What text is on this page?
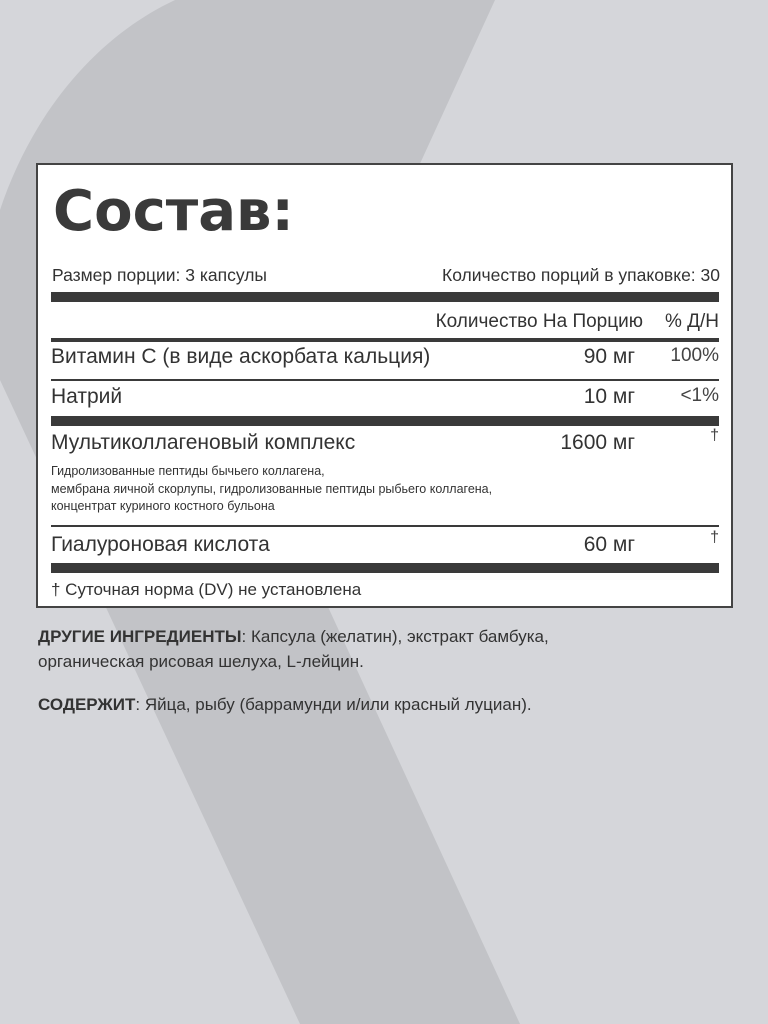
Состав:
Размер порции: 3 капсулы	Количество порций в упаковке: 30
Количество На Порцию % Д/Н
Витамин С (в виде аскорбата кальция)	90 мг 100%
Натрий	10 мг <1%
Мультиколлагеновый комплекс	1600 мг	†
Гидролизованные пептиды бычьего коллагена,
мембрана яичной скорлупы, гидролизованные пептиды рыбьего коллагена,
концентрат куриного костного бульона
Гиалуроновая кислота	60 мг	†
† Суточная норма (DV) не установлена
ДРУГИЕ ИНГРЕДИЕНТЫ: Капсула (желатин), экстракт бамбука,
органическая рисовая шелуха, L-лейцин.
СОДЕРЖИТ: Яйца, рыбу (баррамунди и/или красный луциан).
